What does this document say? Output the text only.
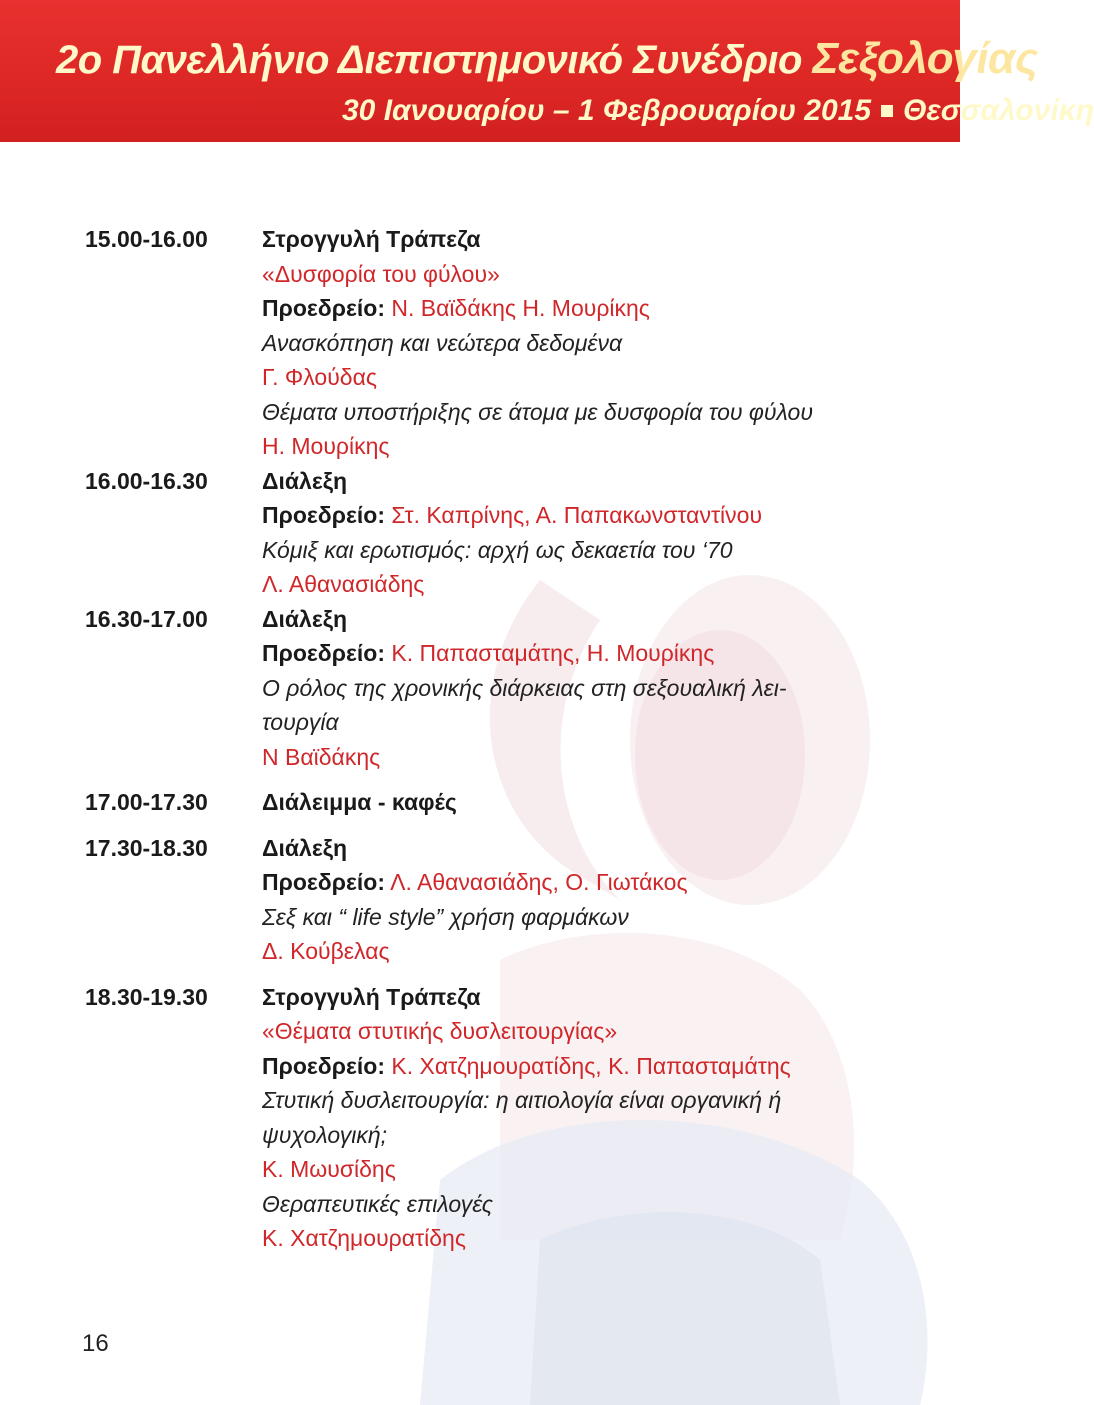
2ο Πανελλήνιο Διεπιστημονικό Συνέδριο Σεξολογίας
30 Ιανουαρίου – 1 Φεβρουαρίου 2015 Θεσσαλονίκη
15.00-16.00	Στρογγυλή Τράπεζα
«Δυσφορία του φύλου»
Προεδρείο: Ν. Βαϊδάκης Η. Μουρίκης
Ανασκόπηση και νεώτερα δεδομένα
Γ. Φλούδας
Θέματα υποστήριξης σε άτομα με δυσφορία του φύλου
Η. Μουρίκης
16.00-16.30	Διάλεξη
Προεδρείο: Στ. Καπρίνης, Α. Παπακωνσταντίνου
Κόμιξ και ερωτισμός: αρχή ως δεκαετία του ‘70
Λ. Αθανασιάδης
16.30-17.00	Διάλεξη
Προεδρείο: Κ. Παπασταμάτης, Η. Μουρίκης
Ο ρόλος της χρονικής διάρκειας στη σεξουαλική λει-
τουργία
Ν Βαϊδάκης
17.00-17.30	Διάλειμμα - καφές
17.30-18.30	Διάλεξη
Προεδρείο: Λ. Αθανασιάδης, Ο. Γιωτάκος
Σεξ και “ life style” χρήση φαρμάκων
Δ. Κούβελας
18.30-19.30	Στρογγυλή Τράπεζα
«Θέματα στυτικής δυσλειτουργίας»
Προεδρείο: Κ. Χατζημουρατίδης, Κ. Παπασταμάτης
Στυτική δυσλειτουργία: η αιτιολογία είναι οργανική ή
ψυχολογική;
Κ. Μωυσίδης
Θεραπευτικές επιλογές
Κ. Χατζημουρατίδης
16
